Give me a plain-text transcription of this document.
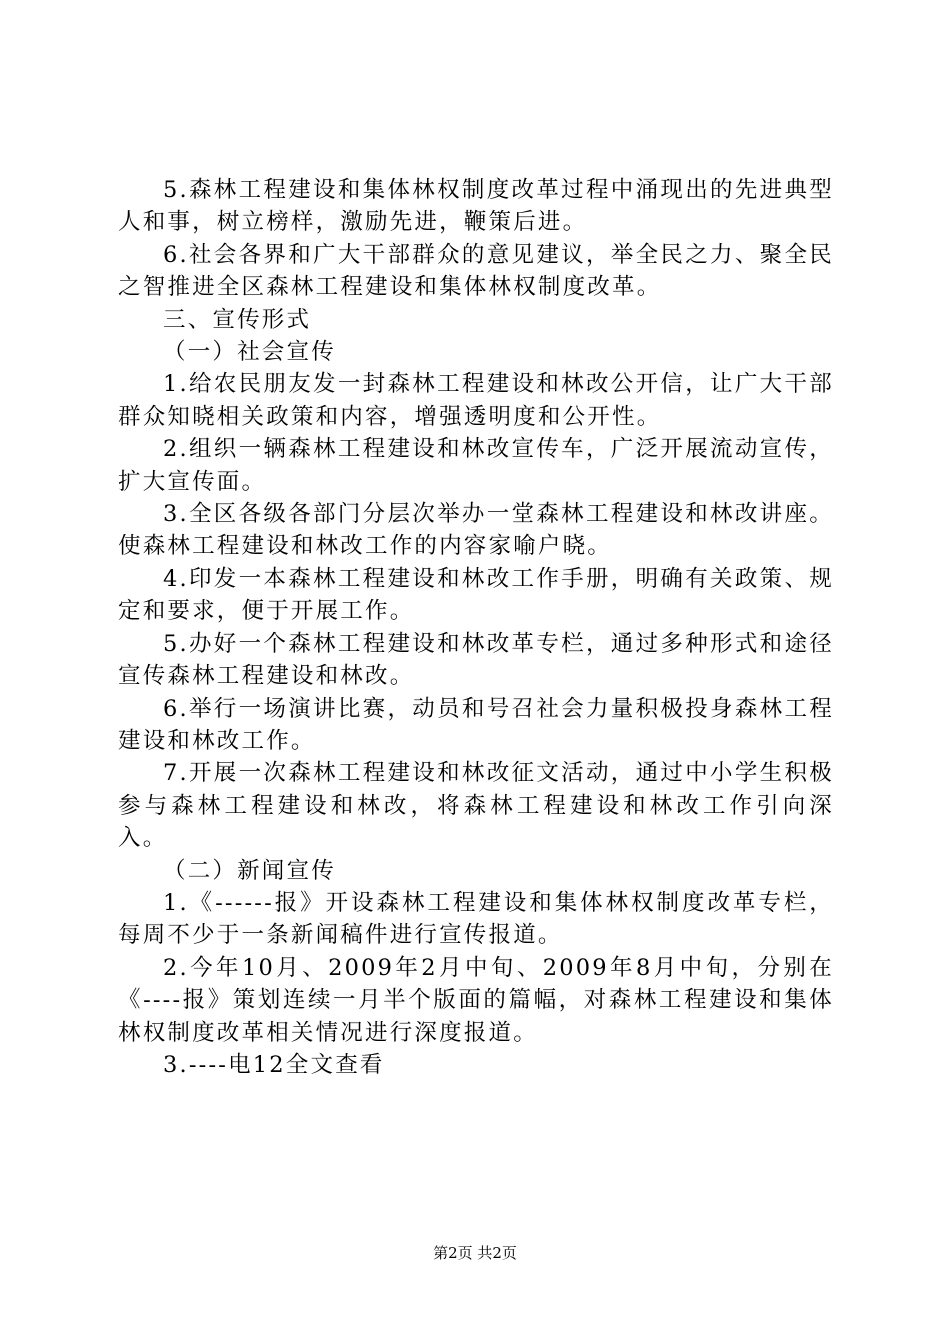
5.森林工程建设和集体林权制度改革过程中涌现出的先进典型人和事，树立榜样，激励先进，鞭策后进。

6.社会各界和广大干部群众的意见建议，举全民之力、聚全民之智推进全区森林工程建设和集体林权制度改革。

三、宣传形式

（一）社会宣传

1.给农民朋友发一封森林工程建设和林改公开信，让广大干部群众知晓相关政策和内容，增强透明度和公开性。

2.组织一辆森林工程建设和林改宣传车，广泛开展流动宣传，扩大宣传面。

3.全区各级各部门分层次举办一堂森林工程建设和林改讲座。使森林工程建设和林改工作的内容家喻户晓。

4.印发一本森林工程建设和林改工作手册，明确有关政策、规定和要求，便于开展工作。

5.办好一个森林工程建设和林改革专栏，通过多种形式和途径宣传森林工程建设和林改。

6.举行一场演讲比赛，动员和号召社会力量积极投身森林工程建设和林改工作。

7.开展一次森林工程建设和林改征文活动，通过中小学生积极参与森林工程建设和林改，将森林工程建设和林改工作引向深入。

（二）新闻宣传

1.《------报》开设森林工程建设和集体林权制度改革专栏，每周不少于一条新闻稿件进行宣传报道。

2.今年10月、2009年2月中旬、2009年8月中旬，分别在《----报》策划连续一月半个版面的篇幅，对森林工程建设和集体林权制度改革相关情况进行深度报道。

3.----电12全文查看

第2页 共2页
